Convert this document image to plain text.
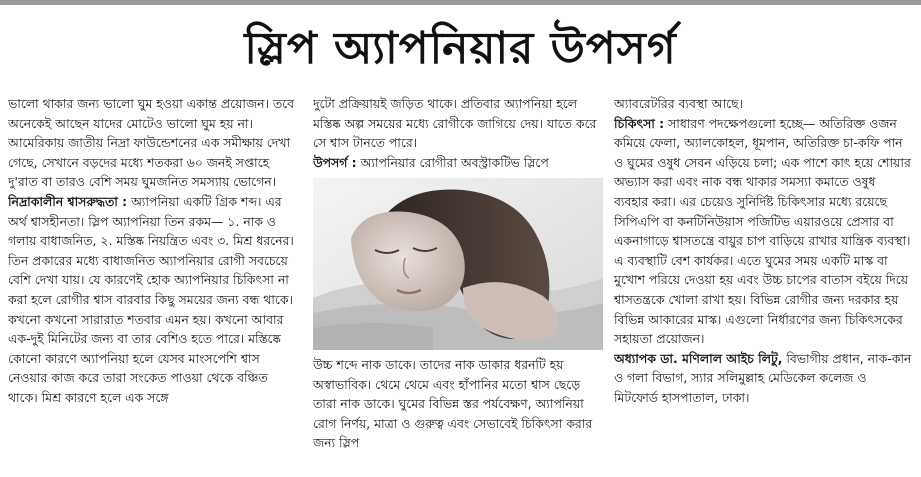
স্লিপ অ্যাপনিয়ার উপসর্গ

ভালো থাকার জন্য ভালো ঘুম হওয়া একান্ত প্রয়োজন। তবে অনেকেই আছেন যাদের মোটেও ভালো ঘুম হয় না। আমেরিকায় জাতীয় নিদ্রা ফাউন্ডেশনের এক সমীক্ষায় দেখা গেছে, সেখানে বড়দের মধ্যে শতকরা ৬০ জনই সপ্তাহে দু'রাত বা তারও বেশি সময় ঘুমজনিত সমস্যায় ভোগেন।

নিদ্রাকালীন শ্বাসরুদ্ধতা : অ্যাপনিয়া একটি গ্রিক শব্দ। এর অর্থ শ্বাসহীনতা। স্লিপ অ্যাপনিয়া তিন রকম— ১. নাক ও গলায় বাধাজনিত, ২. মস্তিষ্ক নিয়ন্ত্রিত এবং ৩. মিশ্র ধরনের। তিন প্রকারের মধ্যে বাধাজনিত অ্যাপনিয়ার রোগী সবচেয়ে বেশি দেখা যায়। যে কারণেই হোক অ্যাপনিয়ার চিকিৎসা না করা হলে রোগীর শ্বাস বারবার কিছু সময়ের জন্য বন্ধ থাকে। কখনো কখনো সারারাত শতবার এমন হয়। কখনো আবার এক-দুই মিনিটের জন্য বা তার বেশিও হতে পারে। মস্তিষ্কে কোনো কারণে অ্যাপনিয়া হলে যেসব মাংসপেশি শ্বাস নেওয়ার কাজ করে তারা সংকেত পাওয়া থেকে বঞ্চিত থাকে। মিশ্র কারণে হলে এক সঙ্গে

দুটো প্রক্রিয়ায়ই জড়িত থাকে। প্রতিবার অ্যাপনিয়া হলে মস্তিষ্ক অল্প সময়ের মধ্যে রোগীকে জাগিয়ে দেয়। যাতে করে সে শ্বাস টানতে পারে।

উপসর্গ : অ্যাপনিয়ার রোগীরা অবস্ট্রাকটিভ স্লিপে

উচ্চ শব্দে নাক ডাকে। তাদের নাক ডাকার ধরনটি হয় অস্বাভাবিক। থেমে থেমে এবং হাঁপানির মতো শ্বাস ছেড়ে তারা নাক ডাকে। ঘুমের বিভিন্ন স্তর পর্যবেক্ষণ, অ্যাপনিয়া রোগ নির্ণয়, মাত্রা ও গুরুত্ব এবং সেভাবেই চিকিৎসা করার জন্য স্লিপ

অ্যাবরেটরির ব্যবস্থা আছে।

চিকিৎসা : সাধারণ পদক্ষেপগুলো হচ্ছে— অতিরিক্ত ওজন কমিয়ে ফেলা, অ্যালকোহল, ধূমপান, অতিরিক্ত চা-কফি পান ও ঘুমের ওষুধ সেবন এড়িয়ে চলা; এক পাশে কাৎ হয়ে শোয়ার অভ্যাস করা এবং নাক বন্ধ থাকার সমস্যা কমাতে ওষুধ ব্যবহার করা। এর চেয়েও সুনির্দিষ্ট চিকিৎসার মধ্যে রয়েছে সিপিএপি বা কনটিনিউয়াস পজিটিভ এয়ারওয়ে প্রেসার বা একনাগাড়ে শ্বাসতন্ত্রে বায়ুর চাপ বাড়িয়ে রাখার যান্ত্রিক ব্যবস্থা। এ ব্যবস্থাটি বেশ কার্যকর। এতে ঘুমের সময় একটি মাস্ক বা মুখোশ পরিয়ে দেওয়া হয় এবং উচ্চ চাপের বাতাস বইয়ে দিয়ে শ্বাসতন্ত্রকে খোলা রাখা হয়। বিভিন্ন রোগীর জন্য দরকার হয় বিভিন্ন আকারের মাস্ক। এগুলো নির্ধারণের জন্য চিকিৎসকের সহায়তা প্রয়োজন।

অধ্যাপক ডা. মণিলাল আইচ লিটু, বিভাগীয় প্রধান, নাক-কান ও গলা বিভাগ, স্যার সলিমুল্লাহ মেডিকেল কলেজ ও মিটফোর্ড হাসপাতাল, ঢাকা।
